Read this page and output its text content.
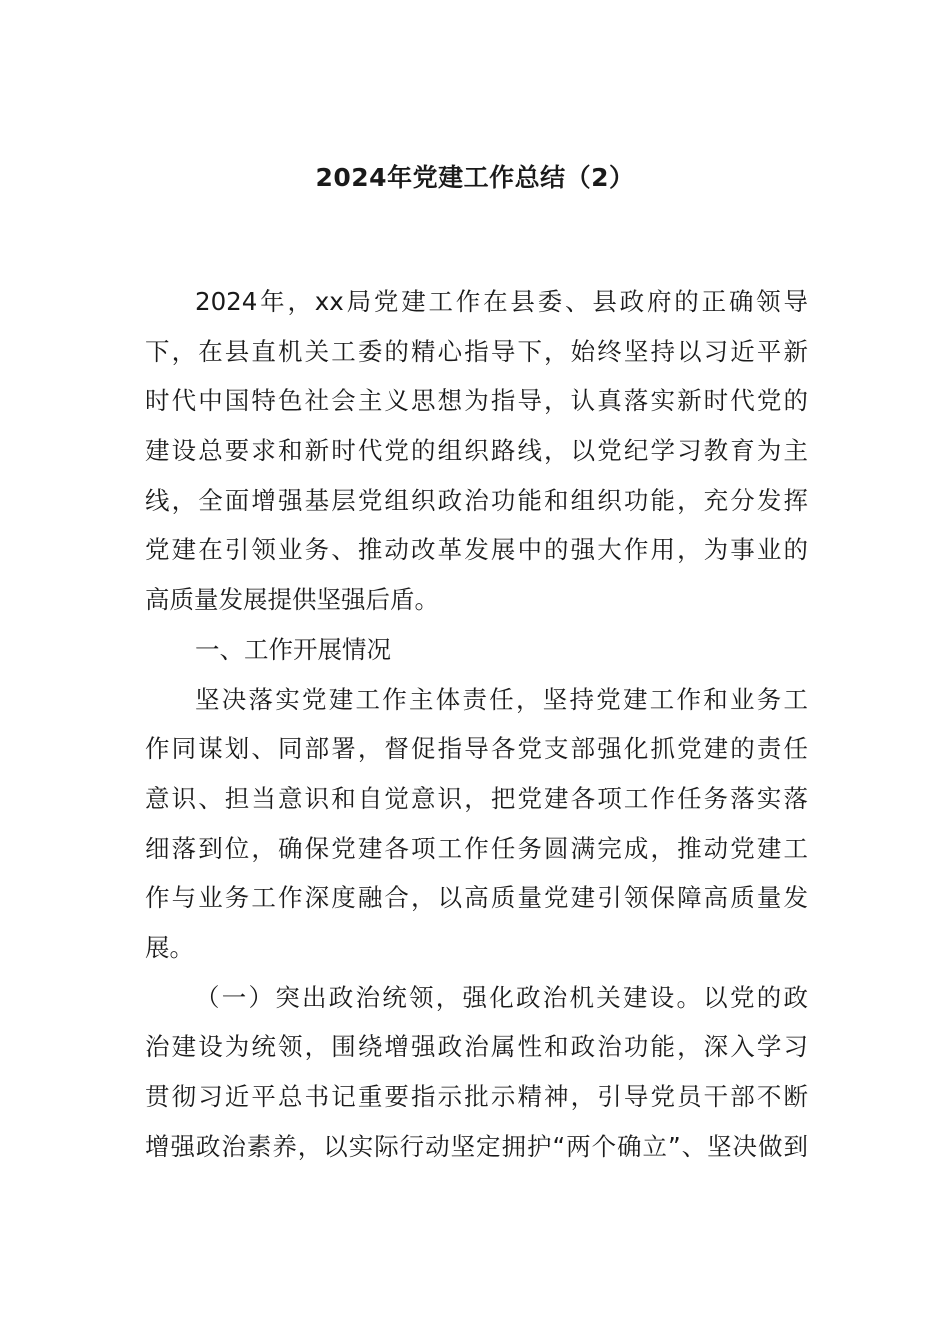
2024年党建工作总结（2）
2024年，xx局党建工作在县委、县政府的正确领导
下，在县直机关工委的精心指导下，始终坚持以习近平新
时代中国特色社会主义思想为指导，认真落实新时代党的
建设总要求和新时代党的组织路线，以党纪学习教育为主
线，全面增强基层党组织政治功能和组织功能，充分发挥
党建在引领业务、推动改革发展中的强大作用，为事业的
高质量发展提供坚强后盾。
一、工作开展情况
坚决落实党建工作主体责任，坚持党建工作和业务工
作同谋划、同部署，督促指导各党支部强化抓党建的责任
意识、担当意识和自觉意识，把党建各项工作任务落实落
细落到位，确保党建各项工作任务圆满完成，推动党建工
作与业务工作深度融合，以高质量党建引领保障高质量发
展。
（一）突出政治统领，强化政治机关建设。以党的政
治建设为统领，围绕增强政治属性和政治功能，深入学习
贯彻习近平总书记重要指示批示精神，引导党员干部不断
增强政治素养，以实际行动坚定拥护“两个确立”、坚决做到
